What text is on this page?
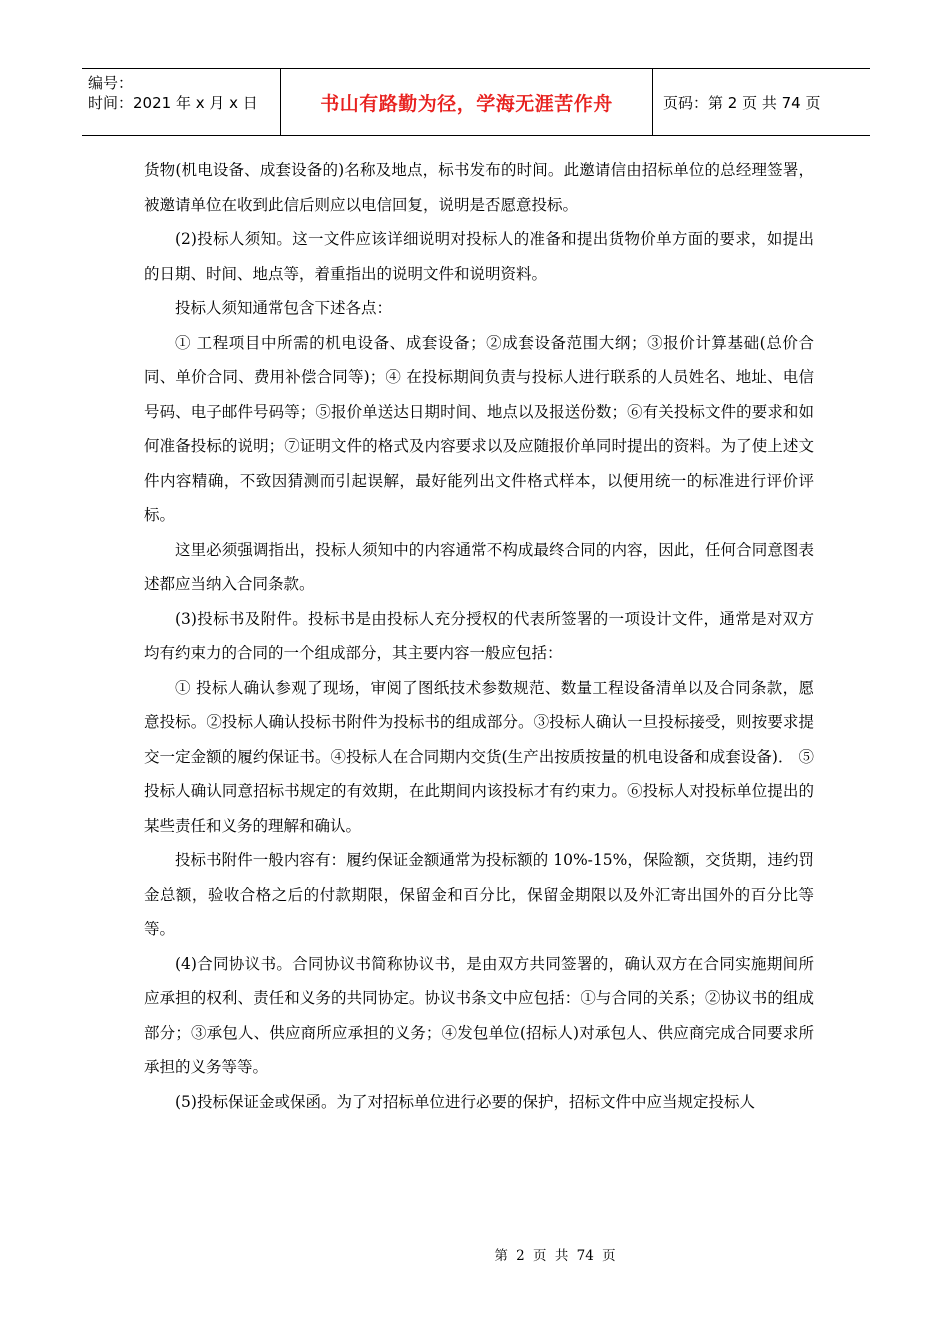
编号：
时间：2021 年 x 月 x 日	书山有路勤为径，学海无涯苦作舟	页码：第 2 页 共 74 页

货物(机电设备、成套设备的)名称及地点，标书发布的时间。此邀请信由招标单位的总经理签署，被邀请单位在收到此信后则应以电信回复，说明是否愿意投标。

(2)投标人须知。这一文件应该详细说明对投标人的准备和提出货物价单方面的要求，如提出的日期、时间、地点等，着重指出的说明文件和说明资料。

投标人须知通常包含下述各点：

① 工程项目中所需的机电设备、成套设备；②成套设备范围大纲；③报价计算基础(总价合同、单价合同、费用补偿合同等)；④ 在投标期间负责与投标人进行联系的人员姓名、地址、电信号码、电子邮件号码等；⑤报价单送达日期时间、地点以及报送份数；⑥有关投标文件的要求和如何准备投标的说明；⑦证明文件的格式及内容要求以及应随报价单同时提出的资料。为了使上述文件内容精确，不致因猜测而引起误解，最好能列出文件格式样本，以便用统一的标准进行评价评标。

这里必须强调指出，投标人须知中的内容通常不构成最终合同的内容，因此，任何合同意图表述都应当纳入合同条款。

(3)投标书及附件。投标书是由投标人充分授权的代表所签署的一项设计文件，通常是对双方均有约束力的合同的一个组成部分，其主要内容一般应包括：

① 投标人确认参观了现场，审阅了图纸技术参数规范、数量工程设备清单以及合同条款，愿意投标。②投标人确认投标书附件为投标书的组成部分。③投标人确认一旦投标接受，则按要求提交一定金额的履约保证书。④投标人在合同期内交货(生产出按质按量的机电设备和成套设备)． ⑤ 投标人确认同意招标书规定的有效期，在此期间内该投标才有约束力。⑥投标人对投标单位提出的某些责任和义务的理解和确认。

投标书附件一般内容有：履约保证金额通常为投标额的 10%-15%，保险额，交货期，违约罚金总额，验收合格之后的付款期限，保留金和百分比，保留金期限以及外汇寄出国外的百分比等等。

(4)合同协议书。合同协议书简称协议书，是由双方共同签署的，确认双方在合同实施期间所应承担的权利、责任和义务的共同协定。协议书条文中应包括：①与合同的关系；②协议书的组成部分；③承包人、供应商所应承担的义务；④发包单位(招标人)对承包人、供应商完成合同要求所承担的义务等等。

(5)投标保证金或保函。为了对招标单位进行必要的保护，招标文件中应当规定投标人

第 2 页 共 74 页
